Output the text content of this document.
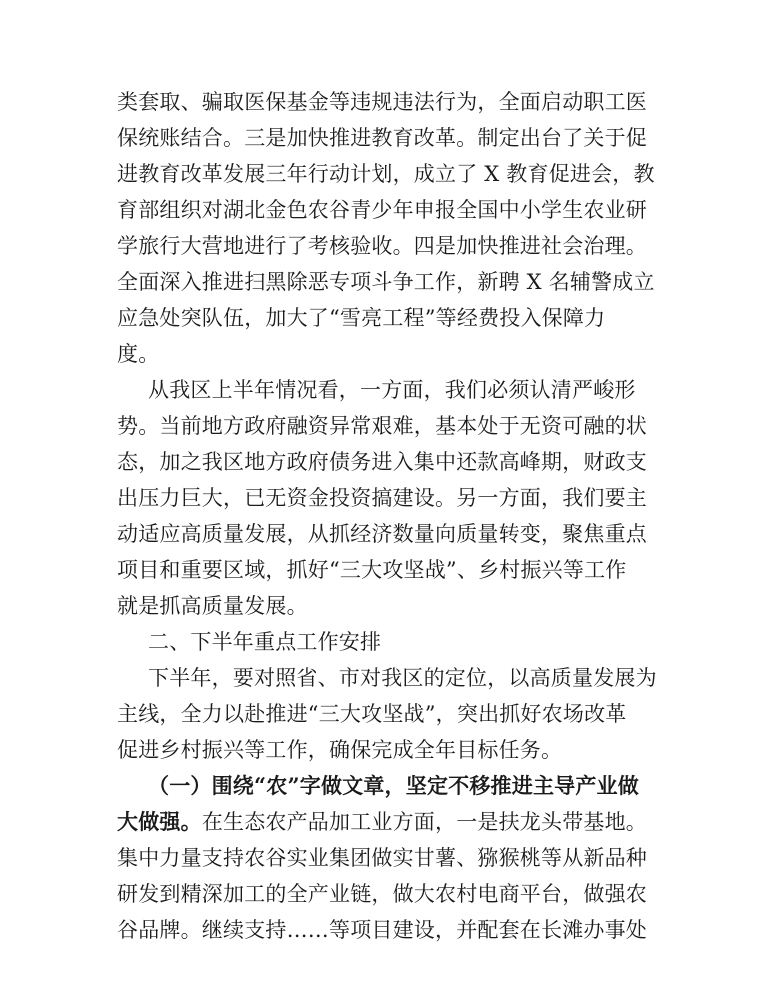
类套取、骗取医保基金等违规违法行为，全面启动职工医
保统账结合。三是加快推进教育改革。制定出台了关于促
进教育改革发展三年行动计划，成立了 X 教育促进会，教
育部组织对湖北金色农谷青少年申报全国中小学生农业研
学旅行大营地进行了考核验收。四是加快推进社会治理。
全面深入推进扫黑除恶专项斗争工作，新聘 X 名辅警成立
应急处突队伍，加大了“雪亮工程”等经费投入保障力
度。
从我区上半年情况看，一方面，我们必须认清严峻形
势。当前地方政府融资异常艰难，基本处于无资可融的状
态，加之我区地方政府债务进入集中还款高峰期，财政支
出压力巨大，已无资金投资搞建设。另一方面，我们要主
动适应高质量发展，从抓经济数量向质量转变，聚焦重点
项目和重要区域，抓好“三大攻坚战”、乡村振兴等工作
就是抓高质量发展。
二、下半年重点工作安排
下半年，要对照省、市对我区的定位，以高质量发展为
主线，全力以赴推进“三大攻坚战”，突出抓好农场改革
促进乡村振兴等工作，确保完成全年目标任务。
（一）围绕“农”字做文章，坚定不移推进主导产业做
大做强。在生态农产品加工业方面，一是扶龙头带基地。
集中力量支持农谷实业集团做实甘薯、猕猴桃等从新品种
研发到精深加工的全产业链，做大农村电商平台，做强农
谷品牌。继续支持……等项目建设，并配套在长滩办事处
